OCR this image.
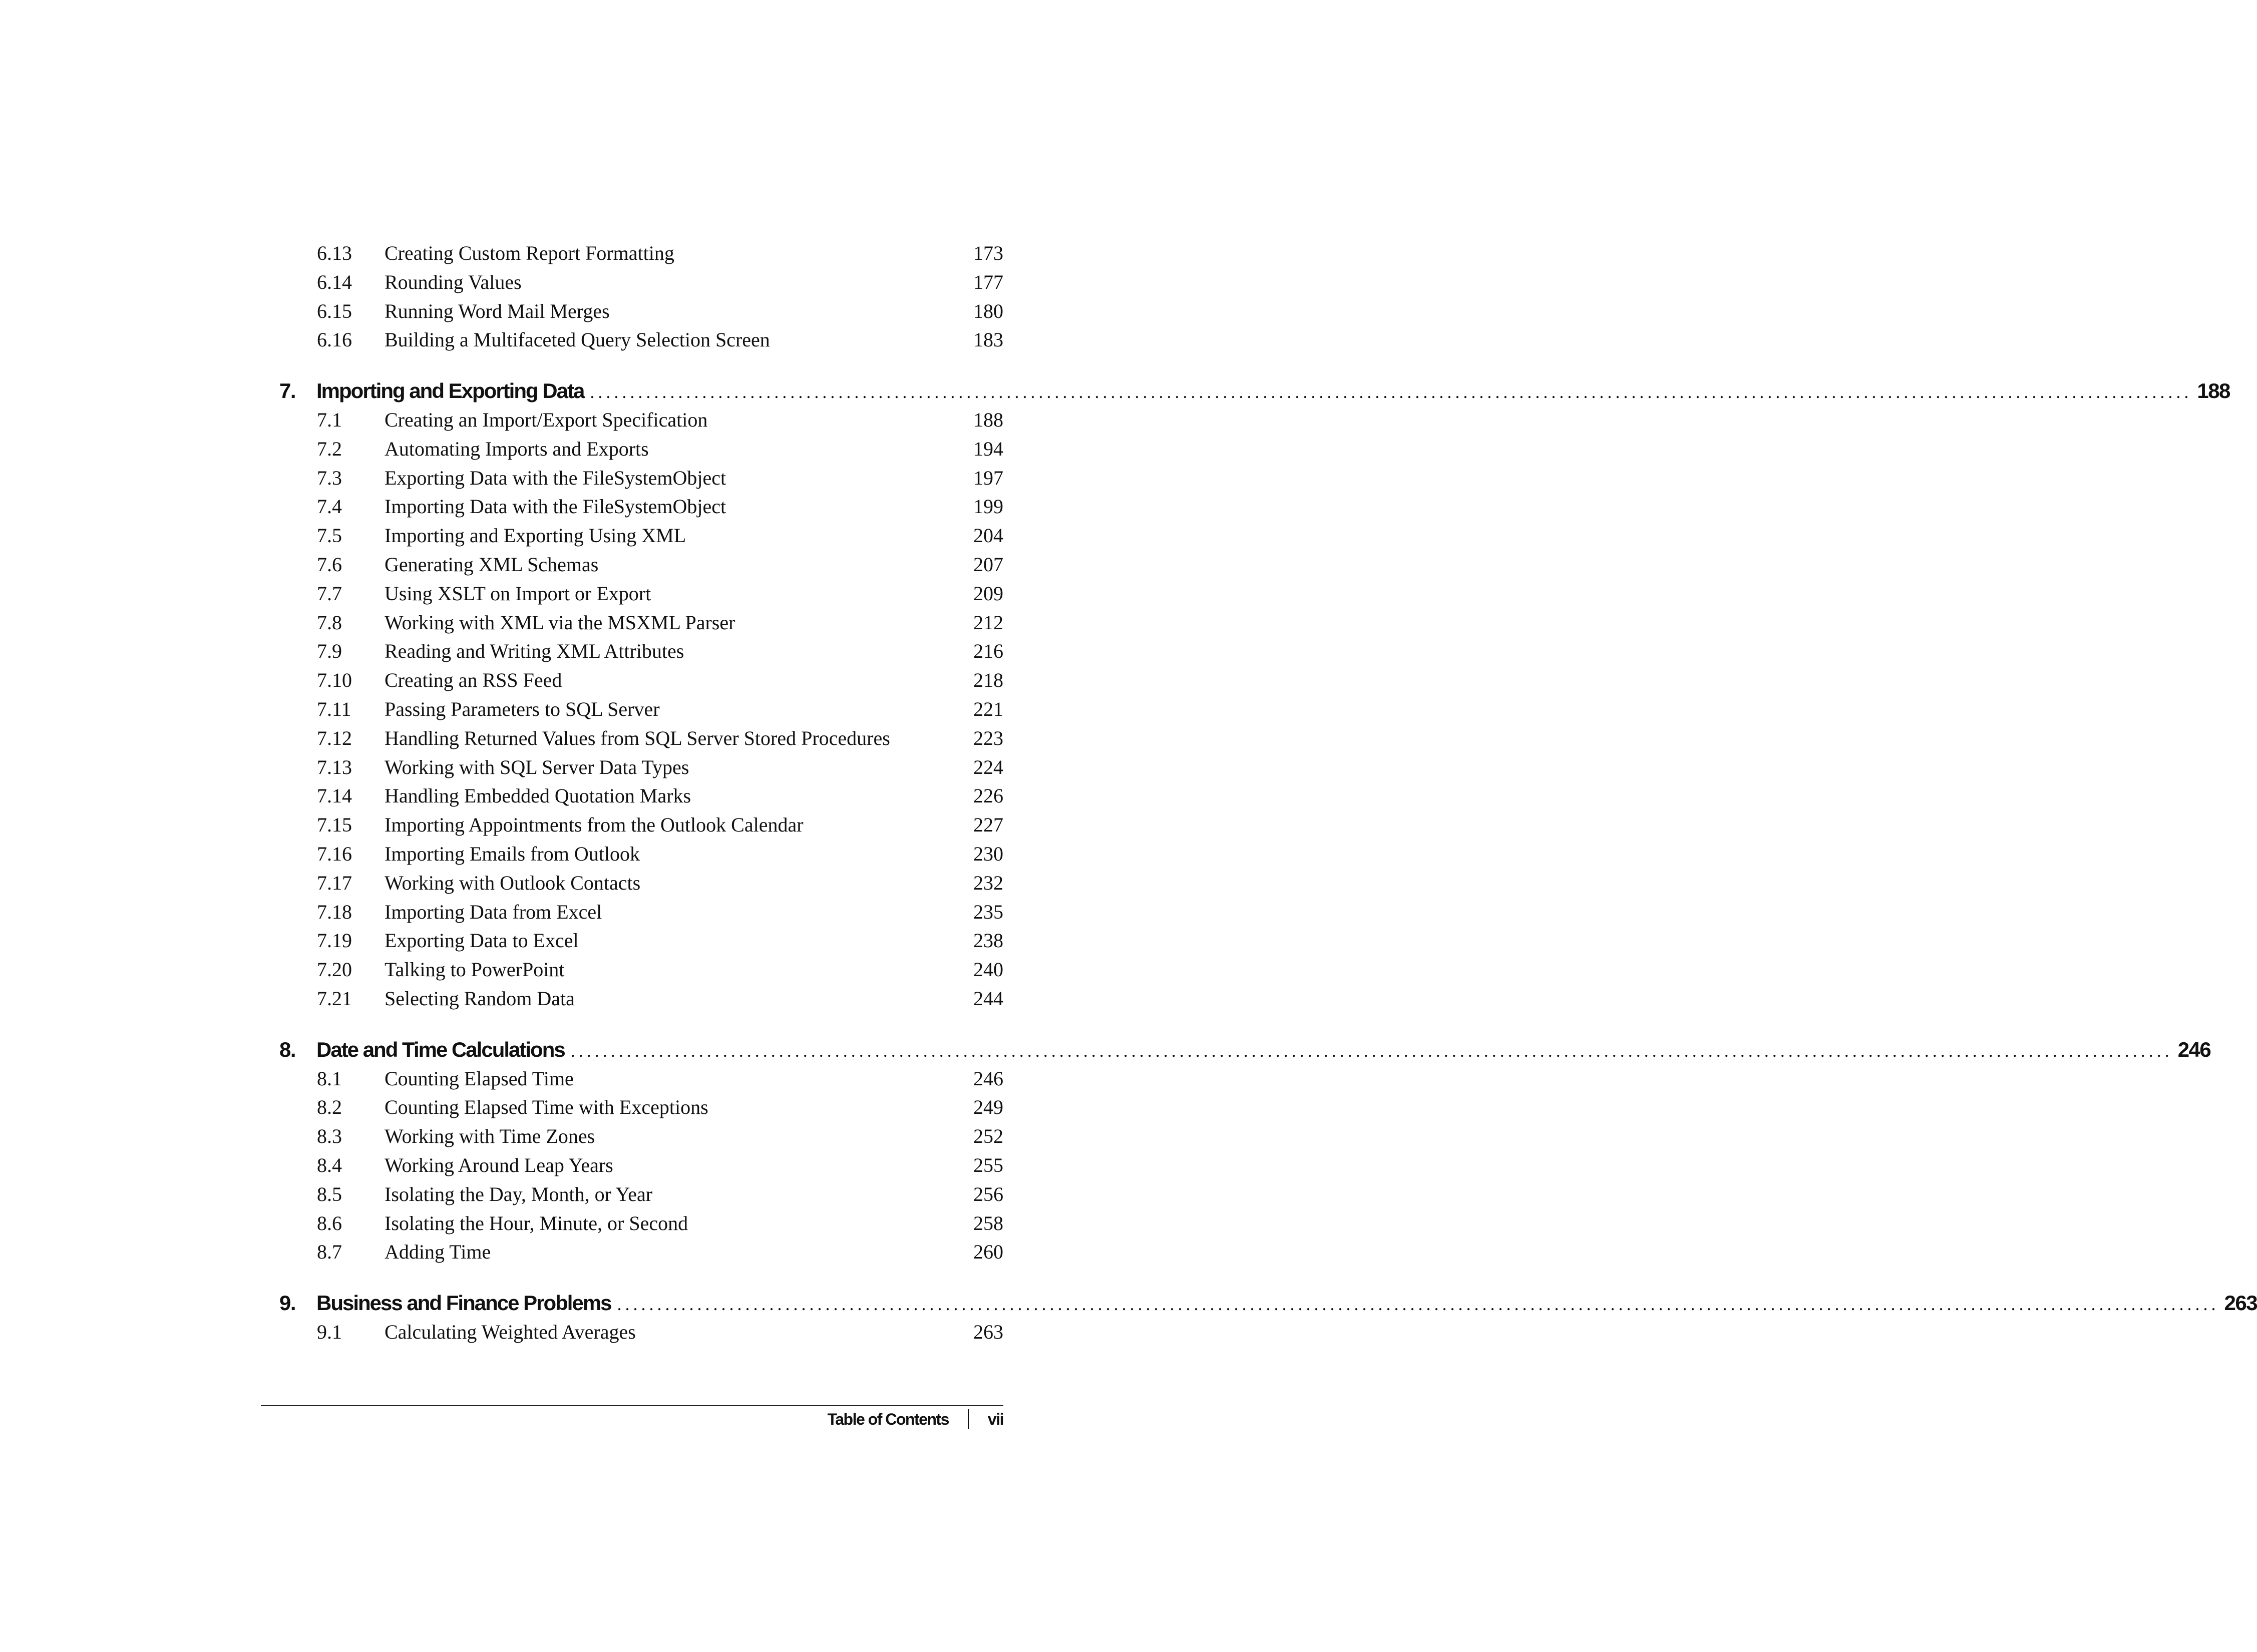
6.13 Creating Custom Report Formatting	173
6.14 Rounding Values	177
6.15 Running Word Mail Merges	180
6.16 Building a Multifaceted Query Selection Screen	183
7. Importing and Exporting Data ........................................................................................................................................................................................................ 188
7.1 Creating an Import/Export Specification	188
7.2 Automating Imports and Exports	194
7.3 Exporting Data with the FileSystemObject	197
7.4 Importing Data with the FileSystemObject	199
7.5 Importing and Exporting Using XML	204
7.6 Generating XML Schemas	207
7.7 Using XSLT on Import or Export	209
7.8 Working with XML via the MSXML Parser	212
7.9 Reading and Writing XML Attributes	216
7.10 Creating an RSS Feed	218
7.11 Passing Parameters to SQL Server	221
7.12 Handling Returned Values from SQL Server Stored Procedures	223
7.13 Working with SQL Server Data Types	224
7.14 Handling Embedded Quotation Marks	226
7.15 Importing Appointments from the Outlook Calendar	227
7.16 Importing Emails from Outlook	230
7.17 Working with Outlook Contacts	232
7.18 Importing Data from Excel	235
7.19 Exporting Data to Excel	238
7.20 Talking to PowerPoint	240
7.21 Selecting Random Data	244
8. Date and Time Calculations ........................................................................................................................................................................................................ 246
8.1 Counting Elapsed Time	246
8.2 Counting Elapsed Time with Exceptions	249
8.3 Working with Time Zones	252
8.4 Working Around Leap Years	255
8.5 Isolating the Day, Month, or Year	256
8.6 Isolating the Hour, Minute, or Second	258
8.7 Adding Time	260
9. Business and Finance Problems ........................................................................................................................................................................................................ 263
9.1 Calculating Weighted Averages	263
Table of Contents vii
